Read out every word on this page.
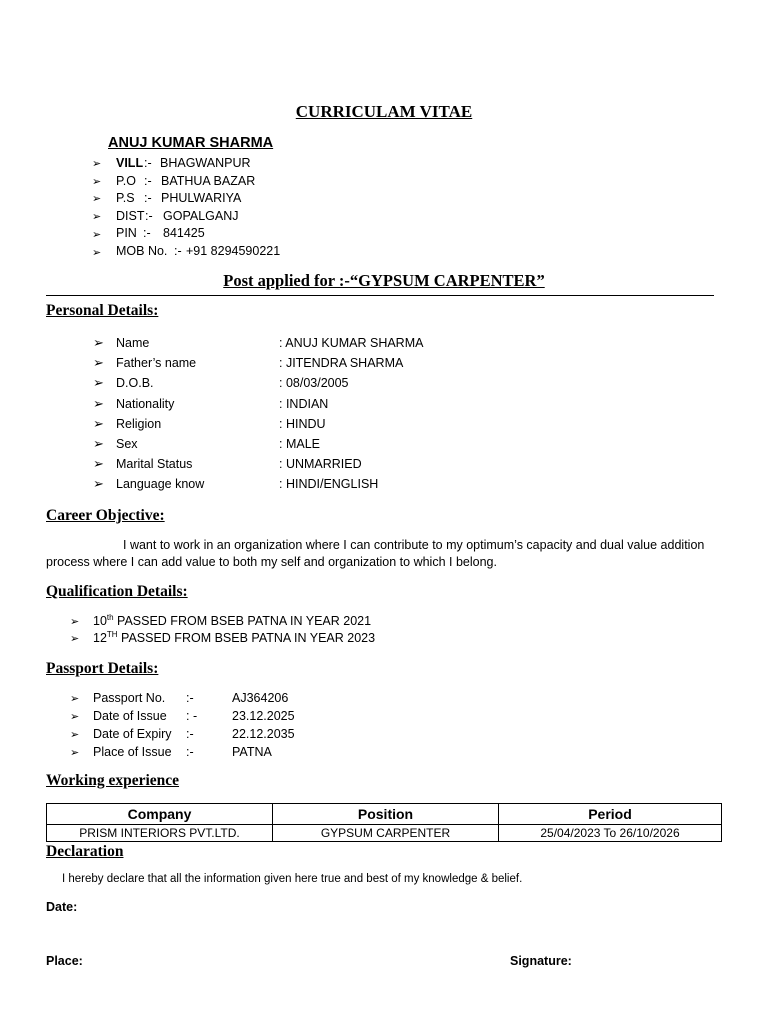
CURRICULAM VITAE
ANUJ KUMAR SHARMA
➢ VILL :- BHAGWANPUR
➢ P.O :- BATHUA BAZAR
➢ P.S :- PHULWARIYA
➢ DIST :- GOPALGANJ
➢ PIN :- 841425
➢ MOB No. :- +91 8294590221
Post applied for :-“GYPSUM CARPENTER”
Personal Details:
➢ Name	: ANUJ KUMAR SHARMA
➢ Father’s name	: JITENDRA SHARMA
➢ D.O.B.	: 08/03/2005
➢ Nationality	: INDIAN
➢ Religion	: HINDU
➢ Sex	: MALE
➢ Marital Status	: UNMARRIED
➢ Language know	: HINDI/ENGLISH
Career Objective:
I want to work in an organization where I can contribute to my optimum’s capacity and dual value addition process where I can add value to both my self and organization to which I belong.
Qualification Details:
➢ 10th PASSED FROM BSEB PATNA IN YEAR 2021
➢ 12TH PASSED FROM BSEB PATNA IN YEAR 2023
Passport Details:
➢ Passport No. :-	AJ364206
➢ Date of Issue : -	23.12.2025
➢ Date of Expiry :-	22.12.2035
➢ Place of Issue :-	PATNA
Working experience
Company	Position	Period
PRISM INTERIORS PVT.LTD.	GYPSUM CARPENTER	25/04/2023 To 26/10/2026
Declaration
I hereby declare that all the information given here true and best of my knowledge & belief.
Date:
Place:	Signature:
